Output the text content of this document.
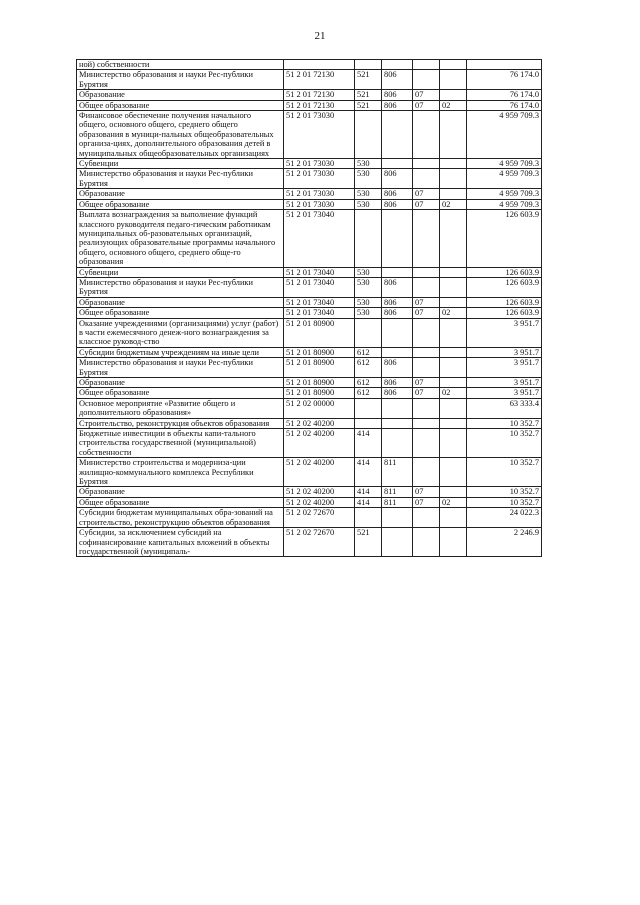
21
ной) собственности						
Министерство образования и науки Рес-публики Бурятия	51 2 01 72130	521	806			76 174.0
Образование	51 2 01 72130	521	806	07		76 174.0
Общее образование	51 2 01 72130	521	806	07	02	76 174.0
Финансовое обеспечение получения начального общего, основного общего, среднего общего образования в муници-пальных общеобразовательных организа-циях, дополнительного образования детей в муниципальных общеобразовательных организациях	51 2 01 73030					4 959 709.3
Субвенции	51 2 01 73030	530				4 959 709.3
Министерство образования и науки Рес-публики Бурятия	51 2 01 73030	530	806			4 959 709.3
Образование	51 2 01 73030	530	806	07		4 959 709.3
Общее образование	51 2 01 73030	530	806	07	02	4 959 709.3
Выплата вознаграждения за выполнение функций классного руководителя педаго-гическим работникам муниципальных об-разовательных организаций, реализующих образовательные программы начального общего, основного общего, среднего обще-го образования	51 2 01 73040					126 603.9
Субвенции	51 2 01 73040	530				126 603.9
Министерство образования и науки Рес-публики Бурятия	51 2 01 73040	530	806			126 603.9
Образование	51 2 01 73040	530	806	07		126 603.9
Общее образование	51 2 01 73040	530	806	07	02	126 603.9
Оказание учреждениями (организациями) услуг (работ) в части ежемесячного денеж-ного вознаграждения за классное руковод-ство	51 2 01 80900					3 951.7
Субсидии бюджетным учреждениям на иные цели	51 2 01 80900	612				3 951.7
Министерство образования и науки Рес-публики Бурятия	51 2 01 80900	612	806			3 951.7
Образование	51 2 01 80900	612	806	07		3 951.7
Общее образование	51 2 01 80900	612	806	07	02	3 951.7
Основное мероприятие «Развитие общего и дополнительного образования»	51 2 02 00000					63 333.4
Строительство, реконструкция объектов образования	51 2 02 40200					10 352.7
Бюджетные инвестиции в объекты капи-тального строительства государственной (муниципальной) собственности	51 2 02 40200	414				10 352.7
Министерство строительства и модерниза-ции жилищно-коммунального комплекса Республики Бурятия	51 2 02 40200	414	811			10 352.7
Образование	51 2 02 40200	414	811	07		10 352.7
Общее образование	51 2 02 40200	414	811	07	02	10 352.7
Субсидии бюджетам муниципальных обра-зований на строительство, реконструкцию объектов образования	51 2 02 72670					24 022.3
Субсидии, за исключением субсидий на софинансирование капитальных вложений в объекты государственной (муниципаль-	51 2 02 72670	521				2 246.9
